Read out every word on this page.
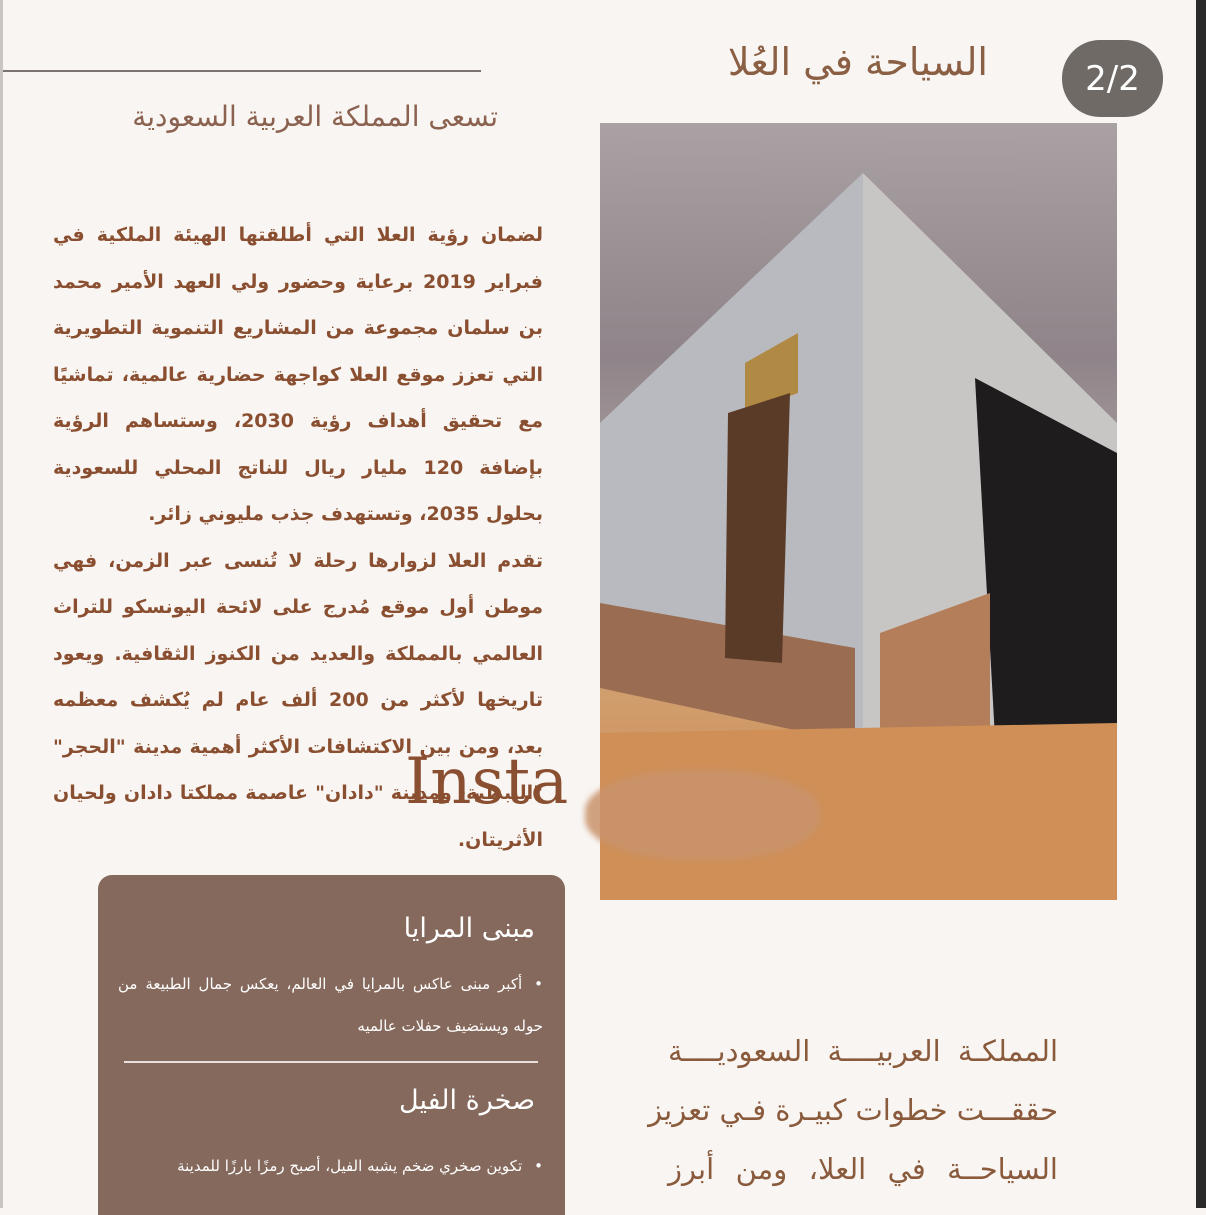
السياحة في العُلا	2/2
تسعى المملكة العربية السعودية

لضمان رؤية العلا التي أطلقتها الهيئة الملكية في فبراير 2019 برعاية وحضور ولي العهد الأمير محمد بن سلمان مجموعة من المشاريع التنموية التطويرية التي تعزز موقع العلا كواجهة حضارية عالمية، تماشيًا مع تحقيق أهداف رؤية 2030، وستساهم الرؤية بإضافة 120 مليار ريال للناتج المحلي للسعودية بحلول 2035، وتستهدف جذب مليوني زائر.

تقدم العلا لزوارها رحلة لا تُنسى عبر الزمن، فهي موطن أول موقع مُدرج على لائحة اليونسكو للتراث العالمي بالمملكة والعديد من الكنوز الثقافية. ويعود تاريخها لأكثر من 200 ألف عام لم يُكشف معظمه بعد، ومن بين الاكتشافات الأكثر أهمية مدينة "الحجر" "النبطية، ومدينة "دادان" عاصمة مملكتا دادان ولحيان الأثريتان.

Insta
مبنى المرايا
• أكبر مبنى عاكس بالمرايا في العالم، يعكس جمال الطبيعة من حوله ويستضيف حفلات عالميه
صخرة الفيل
• تكوين صخري ضخم يشبه الفيل، أصبح رمزًا بارزًا للمدينة
المملكـة العربيــــة السعوديــــة
حققـــت خطوات كبيـرة فـي تعزيز
السياحــة في العلا، ومن أبرز
